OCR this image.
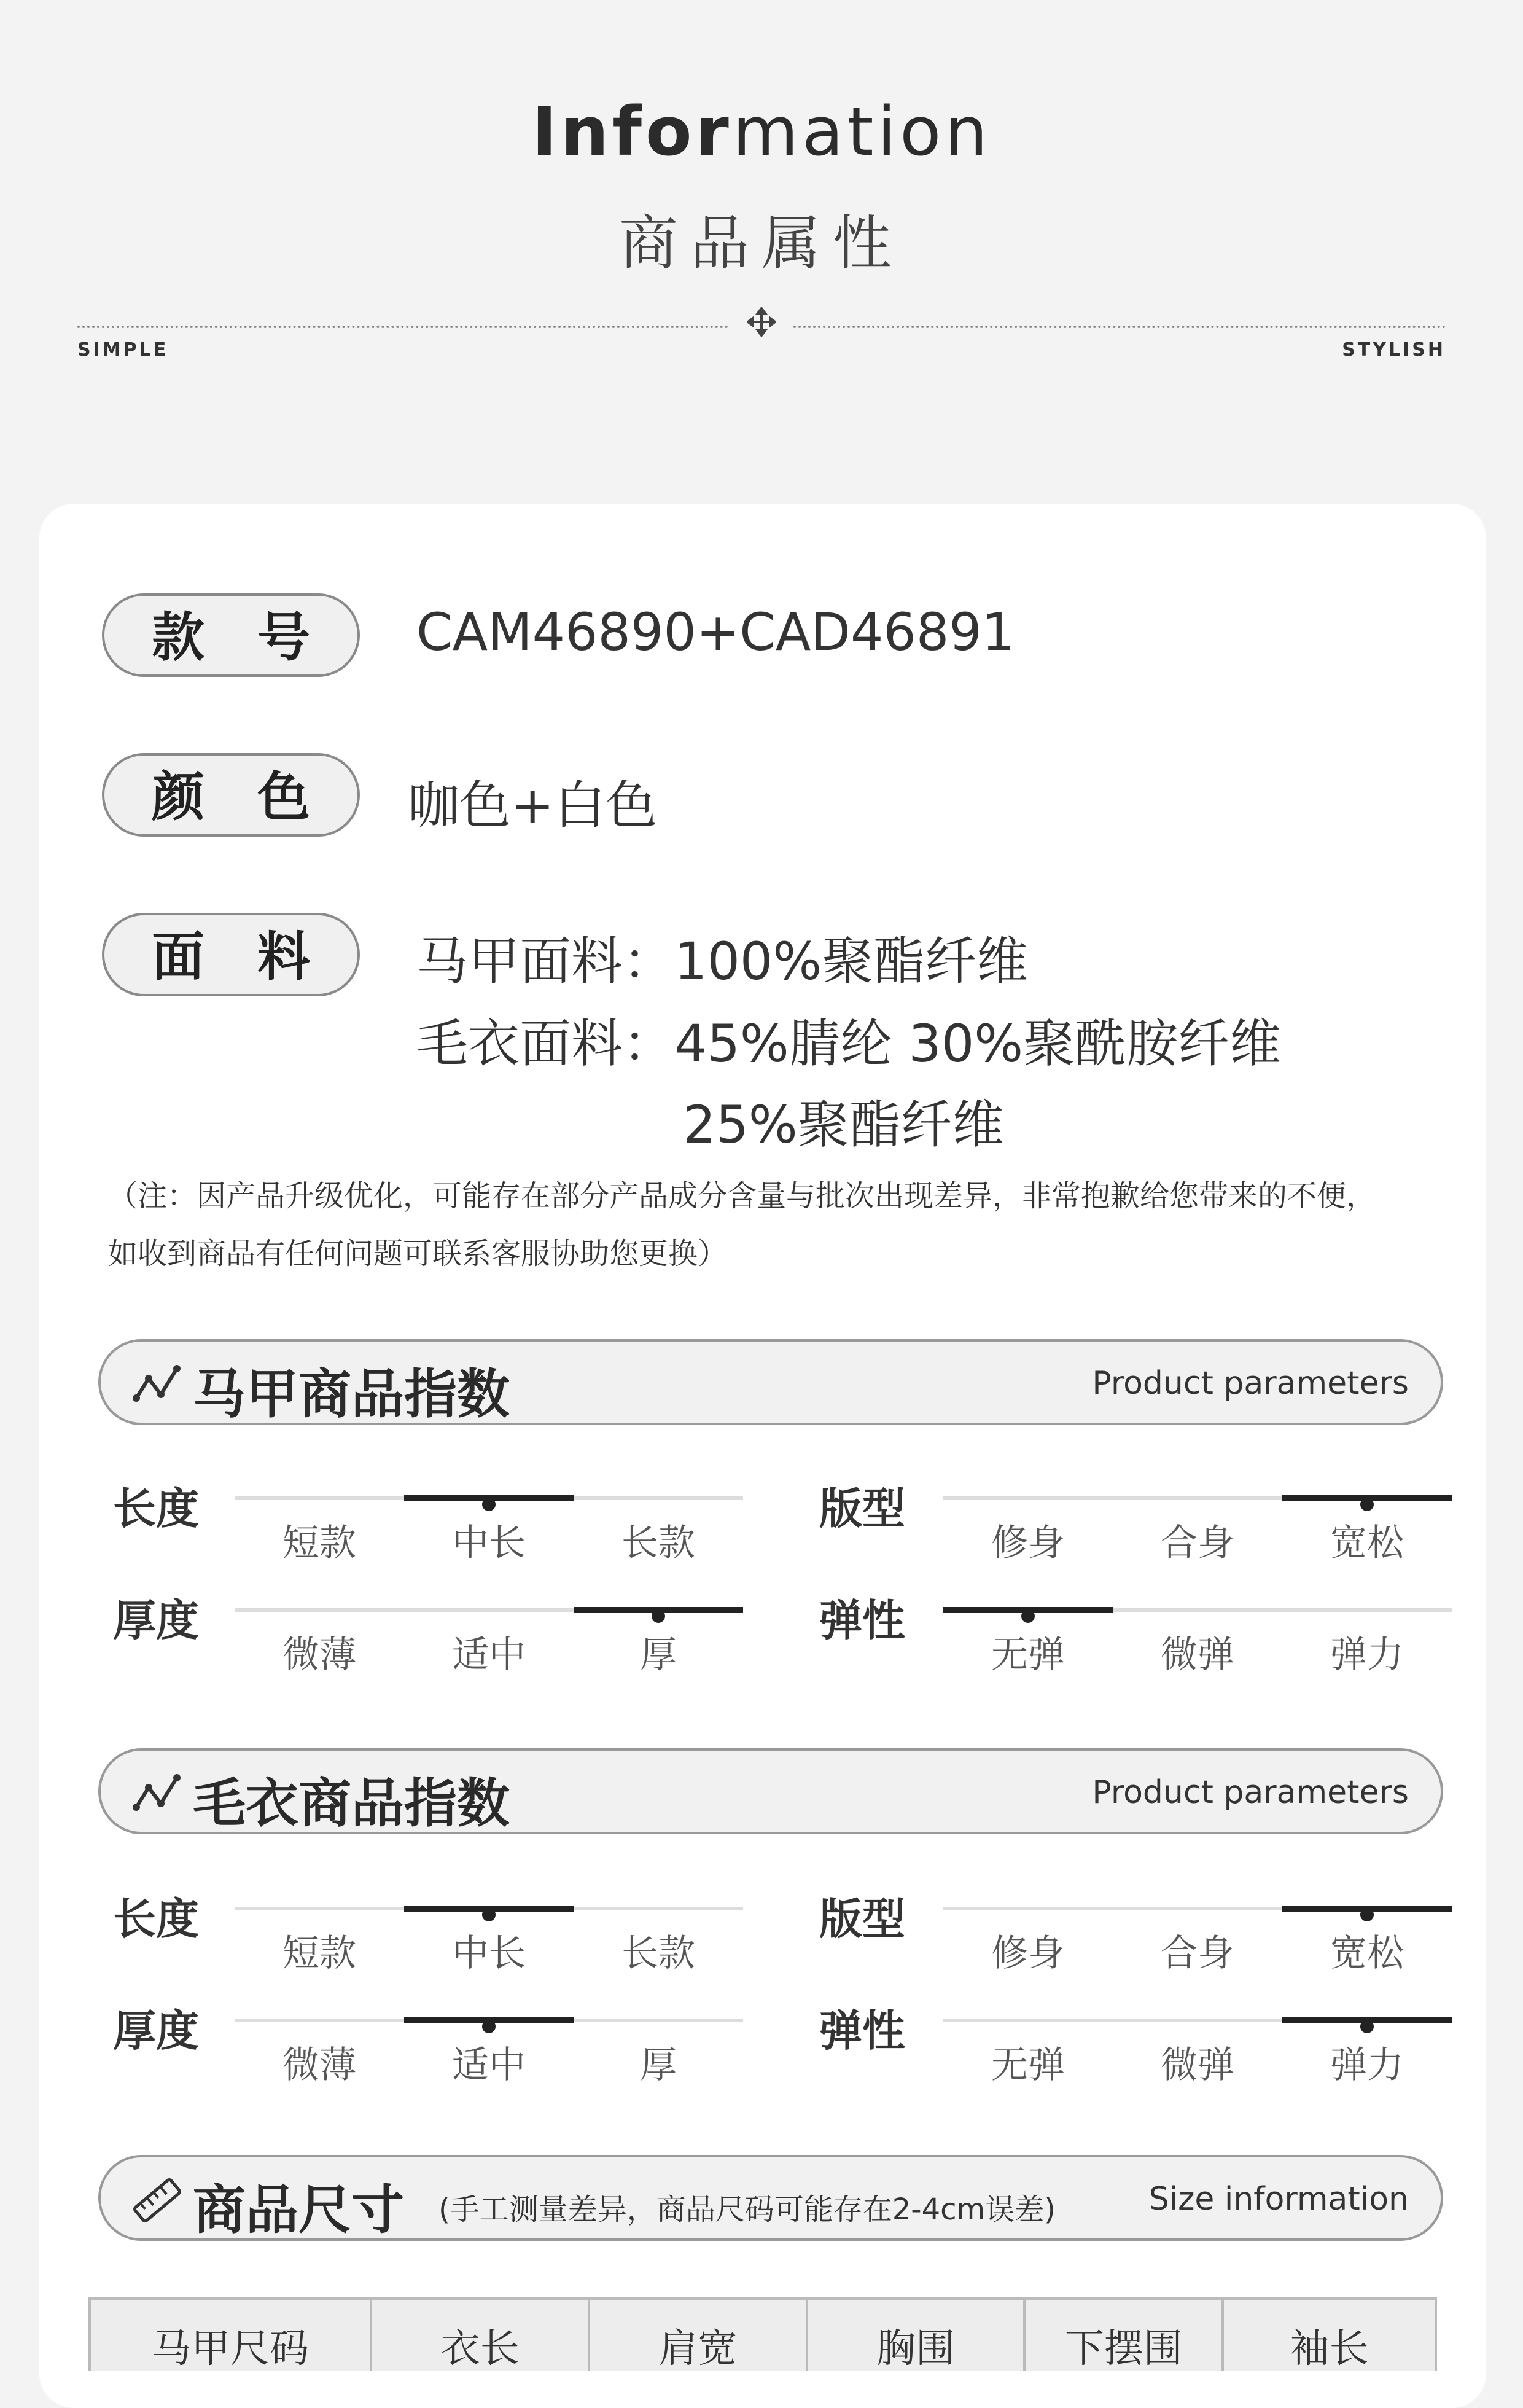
Information
商品属性
SIMPLE	STYLISH
款 号	CAM46890+CAD46891
颜 色	咖色+白色
面 料	马甲面料：100%聚酯纤维
毛衣面料：45%腈纶 30%聚酰胺纤维
25%聚酯纤维
（注：因产品升级优化，可能存在部分产品成分含量与批次出现差异，非常抱歉给您带来的不便，
如收到商品有任何问题可联系客服协助您更换）
马甲商品指数	Product parameters
长度
短款	中长	长款
版型
修身	合身	宽松
厚度
微薄	适中	厚
弹性
无弹	微弹	弹力
毛衣商品指数	Product parameters
长度
短款	中长	长款
版型
修身	合身	宽松
厚度
微薄	适中	厚
弹性
无弹	微弹	弹力
商品尺寸 (手工测量差异，商品尺码可能存在2-4cm误差)	Size information
马甲尺码	衣长	肩宽	胸围	下摆围	袖长
